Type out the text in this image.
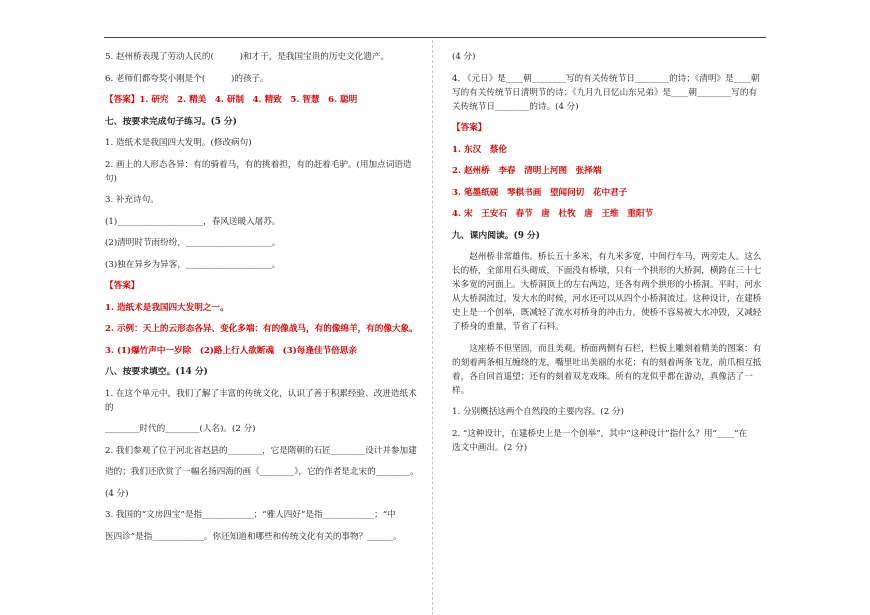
5. 赵州桥表现了劳动人民的(　　　)和才干，是我国宝贵的历史文化遗产。

6. 老师们都夸奖小刚是个(　　　)的孩子。

【答案】1. 研究　2. 精美　4. 研制　4. 精致　5. 智慧　6. 聪明

七、按要求完成句子练习。(5 分)

1. 造纸术是我国四大发明。(修改病句)

2. 画上的人形态各异：有的骑着马，有的挑着担，有的赶着毛驴。(用加点词语造句)

3. 补充诗句。

(1)____________________，春风送暖入屠苏。

(2)清明时节雨纷纷，____________________。

(3)独在异乡为异客，____________________。

【答案】

1. 造纸术是我国四大发明之一。

2. 示例：天上的云形态各异、变化多端：有的像战马，有的像绵羊，有的像大象。

3. (1)爆竹声中一岁除　(2)路上行人欲断魂　(3)每逢佳节倍思亲

八、按要求填空。(14 分)

1. 在这个单元中，我们了解了丰富的传统文化，认识了善于积累经验、改进造纸术的

________时代的________(人名)。(2 分)

2. 我们参观了位于河北省赵县的________，它是隋朝的石匠________设计并参加建

造的；我们还欣赏了一幅名扬四海的画《________》，它的作者是北宋的________。

(4 分)

3. 我国的“文房四宝”是指____________；“雅人四好”是指____________；“中

医四诊”是指____________。你还知道和哪些和传统文化有关的事物？______。

(4 分)

4. 《元日》是____朝________写的有关传统节日________的诗；《清明》是____朝

写的有关传统节日清明节的诗；《九月九日忆山东兄弟》是____朝________写的有

关传统节日________的诗。(4 分)

【答案】

1. 东汉　蔡伦

2. 赵州桥　李春　清明上河图　张择端

3. 笔墨纸砚　琴棋书画　望闻问切　花中君子

4. 宋　王安石　春节　唐　杜牧　唐　王维　重阳节

九、课内阅读。(9 分)

赵州桥非常雄伟。桥长五十多米，有九米多宽，中间行车马，两旁走人。这么长的桥，全部用石头砌成，下面没有桥墩，只有一个拱形的大桥洞，横跨在三十七米多宽的河面上。大桥洞顶上的左右两边，还各有两个拱形的小桥洞。平时，河水从大桥洞流过，发大水的时候，河水还可以从四个小桥洞流过。这种设计，在建桥史上是一个创举，既减轻了流水对桥身的冲击力，使桥不容易被大水冲毁，又减轻了桥身的重量，节省了石料。

这座桥不但坚固，而且美观。桥面两侧有石栏，栏板上雕刻着精美的图案：有的刻着两条相互缠绕的龙，嘴里吐出美丽的水花；有的刻着两条飞龙，前爪相互抵着，各自回首遥望；还有的刻着双龙戏珠。所有的龙似乎都在游动，真像活了一样。

1. 分别概括这两个自然段的主要内容。(2 分)

2. “这种设计，在建桥史上是一个创举”，其中“这种设计”指什么？用“____”在

选文中画出。(2 分)
